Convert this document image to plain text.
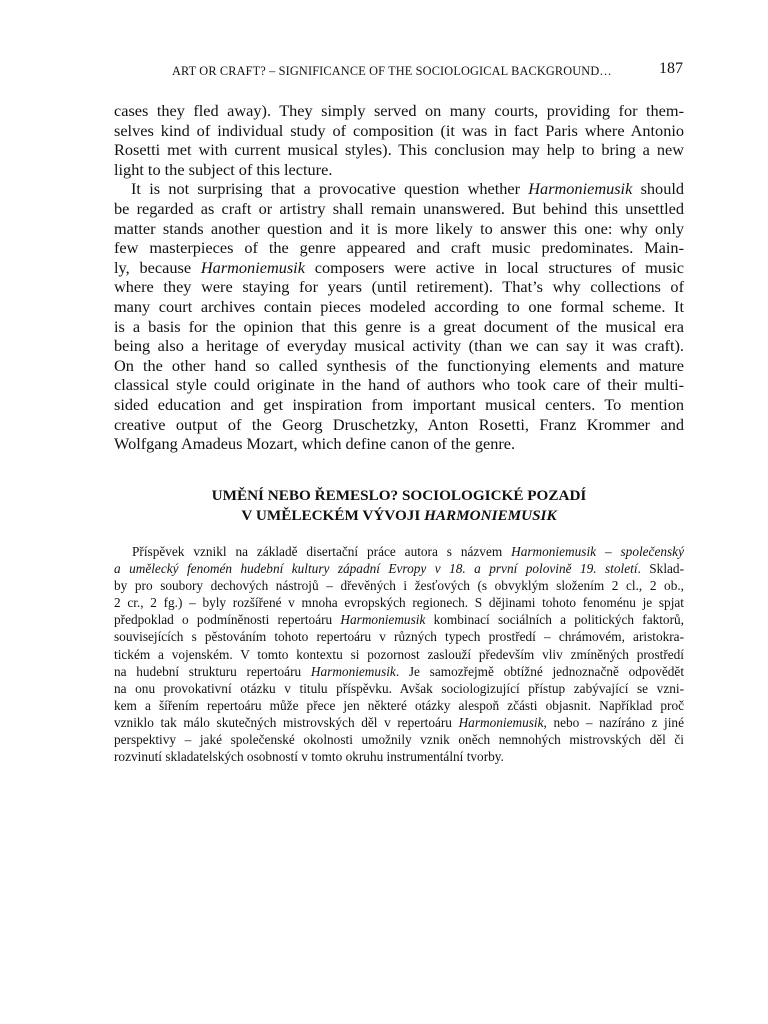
ART OR CRAFT? – SIGNIFICANCE OF THE SOCIOLOGICAL BACKGROUND…	187
cases they fled away). They simply served on many courts, providing for them-
selves kind of individual study of composition (it was in fact Paris where Antonio
Rosetti met with current musical styles). This conclusion may help to bring a new
light to the subject of this lecture.
It is not surprising that a provocative question whether Harmoniemusik should
be regarded as craft or artistry shall remain unanswered. But behind this unsettled
matter stands another question and it is more likely to answer this one: why only
few masterpieces of the genre appeared and craft music predominates. Main-
ly, because Harmoniemusik composers were active in local structures of music
where they were staying for years (until retirement). That’s why collections of
many court archives contain pieces modeled according to one formal scheme. It
is a basis for the opinion that this genre is a great document of the musical era
being also a heritage of everyday musical activity (than we can say it was craft).
On the other hand so called synthesis of the functionying elements and mature
classical style could originate in the hand of authors who took care of their multi-
sided education and get inspiration from important musical centers. To mention
creative output of the Georg Druschetzky, Anton Rosetti, Franz Krommer and
Wolfgang Amadeus Mozart, which define canon of the genre.
UMĚNÍ NEBO ŘEMESLO? SOCIOLOGICKÉ POZADÍ
V UMĚLECKÉM VÝVOJI HARMONIEMUSIK
Příspěvek vznikl na základě disertační práce autora s názvem Harmoniemusik – společenský
a umělecký fenomén hudební kultury západní Evropy v 18. a první polovině 19. století. Sklad-
by pro soubory dechových nástrojů – dřevěných i žesťových (s obvyklým složením 2 cl., 2 ob.,
2 cr., 2 fg.) – byly rozšířené v mnoha evropských regionech. S dějinami tohoto fenoménu je spjat
předpoklad o podmíněnosti repertoáru Harmoniemusik kombinací sociálních a politických faktorů,
souvisejících s pěstováním tohoto repertoáru v různých typech prostředí – chrámovém, aristokra-
tickém a vojenském. V tomto kontextu si pozornost zaslouží především vliv zmíněných prostředí
na hudební strukturu repertoáru Harmoniemusik. Je samozřejmě obtížné jednoznačně odpovědět
na onu provokativní otázku v titulu příspěvku. Avšak sociologizující přístup zabývající se vzni-
kem a šířením repertoáru může přece jen některé otázky alespoň zčásti objasnit. Například proč
vzniklo tak málo skutečných mistrovských děl v repertoáru Harmoniemusik, nebo – nazíráno z jiné
perspektivy – jaké společenské okolnosti umožnily vznik oněch nemnohých mistrovských děl či
rozvinutí skladatelských osobností v tomto okruhu instrumentální tvorby.
